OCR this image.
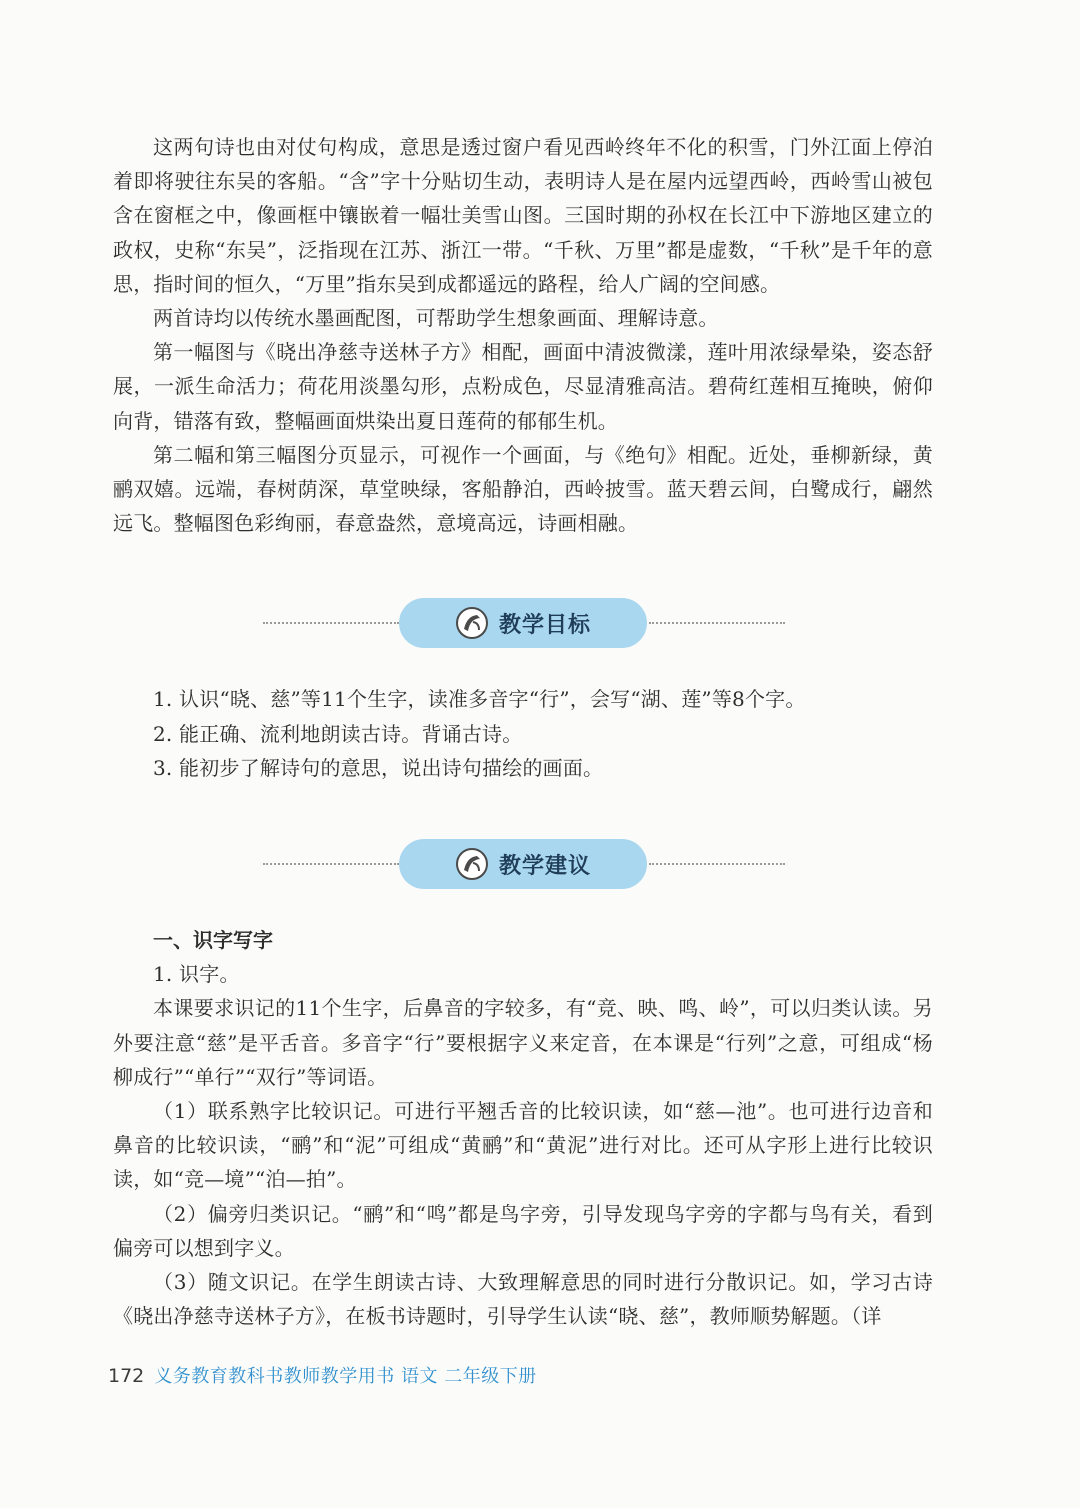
这两句诗也由对仗句构成，意思是透过窗户看见西岭终年不化的积雪，门外江面上停泊着即将驶往东吴的客船。“含”字十分贴切生动，表明诗人是在屋内远望西岭，西岭雪山被包含在窗框之中，像画框中镶嵌着一幅壮美雪山图。三国时期的孙权在长江中下游地区建立的政权，史称“东吴”，泛指现在江苏、浙江一带。“千秋、万里”都是虚数，“千秋”是千年的意思，指时间的恒久，“万里”指东吴到成都遥远的路程，给人广阔的空间感。

两首诗均以传统水墨画配图，可帮助学生想象画面、理解诗意。

第一幅图与《晓出净慈寺送林子方》相配，画面中清波微漾，莲叶用浓绿晕染，姿态舒展，一派生命活力；荷花用淡墨勾形，点粉成色，尽显清雅高洁。碧荷红莲相互掩映，俯仰向背，错落有致，整幅画面烘染出夏日莲荷的郁郁生机。

第二幅和第三幅图分页显示，可视作一个画面，与《绝句》相配。近处，垂柳新绿，黄鹂双嬉。远端，春树荫深，草堂映绿，客船静泊，西岭披雪。蓝天碧云间，白鹭成行，翩然远飞。整幅图色彩绚丽，春意盎然，意境高远，诗画相融。

教学目标

1. 认识“晓、慈”等11个生字，读准多音字“行”，会写“湖、莲”等8个字。

2. 能正确、流利地朗读古诗。背诵古诗。

3. 能初步了解诗句的意思，说出诗句描绘的画面。

教学建议

一、识字写字

1. 识字。

本课要求识记的11个生字，后鼻音的字较多，有“竞、映、鸣、岭”，可以归类认读。另外要注意“慈”是平舌音。多音字“行”要根据字义来定音，在本课是“行列”之意，可组成“杨柳成行”“单行”“双行”等词语。

（1）联系熟字比较识记。可进行平翘舌音的比较识读，如“慈—池”。也可进行边音和鼻音的比较识读，“鹂”和“泥”可组成“黄鹂”和“黄泥”进行对比。还可从字形上进行比较识读，如“竞—境”“泊—拍”。

（2）偏旁归类识记。“鹂”和“鸣”都是鸟字旁，引导发现鸟字旁的字都与鸟有关，看到偏旁可以想到字义。

（3）随文识记。在学生朗读古诗、大致理解意思的同时进行分散识记。如，学习古诗《晓出净慈寺送林子方》，在板书诗题时，引导学生认读“晓、慈”，教师顺势解题。（详

172 义务教育教科书教师教学用书 语文 二年级下册
